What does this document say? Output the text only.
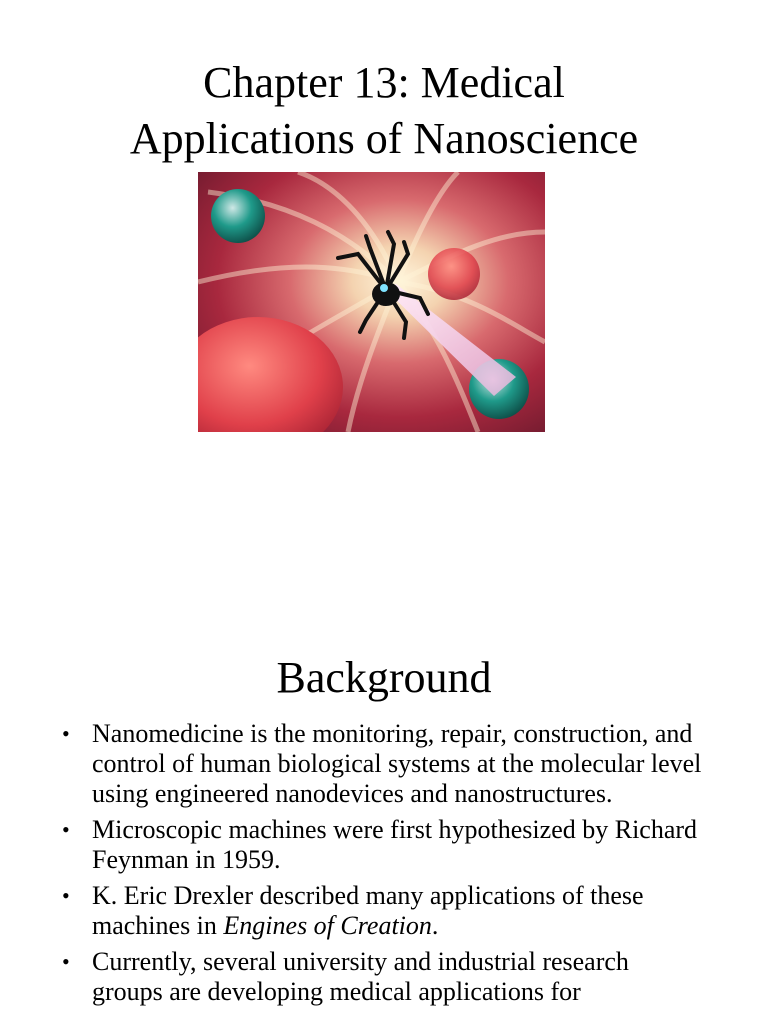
Chapter 13: Medical
Applications of Nanoscience
Background
• Nanomedicine is the monitoring, repair, construction, and control of human biological systems at the molecular level using engineered nanodevices and nanostructures.
• Microscopic machines were first hypothesized by Richard Feynman in 1959.
• K. Eric Drexler described many applications of these machines in Engines of Creation.
• Currently, several university and industrial research groups are developing medical applications for
